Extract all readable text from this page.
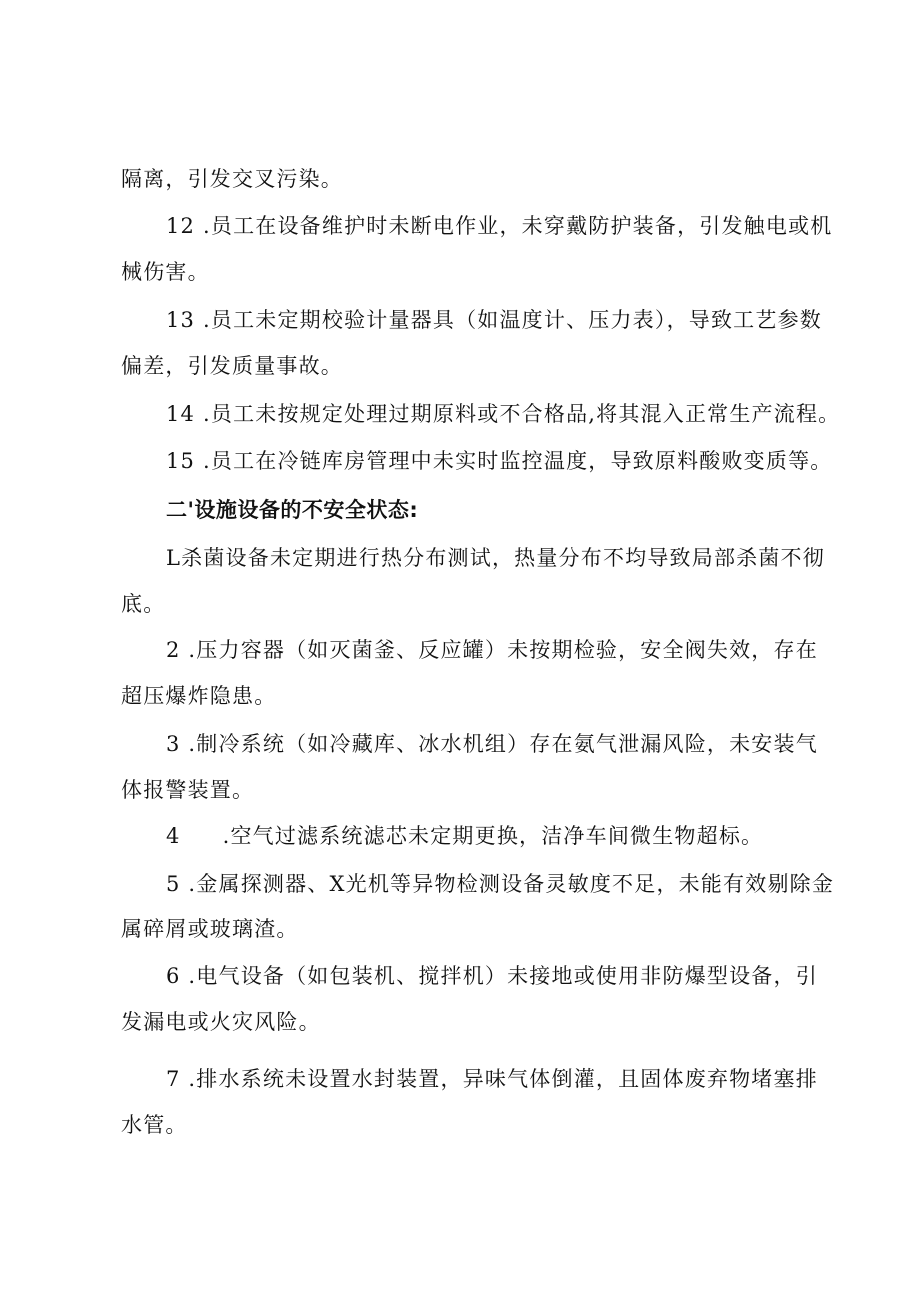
隔离，引发交叉污染。
12 .员工在设备维护时未断电作业，未穿戴防护装备，引发触电或机
械伤害。
13 .员工未定期校验计量器具（如温度计、压力表），导致工艺参数
偏差，引发质量事故。
14 .员工未按规定处理过期原料或不合格品,将其混入正常生产流程。
15 .员工在冷链库房管理中未实时监控温度，导致原料酸败变质等。
二'设施设备的不安全状态:
L杀菌设备未定期进行热分布测试，热量分布不均导致局部杀菌不彻
底。
2 .压力容器（如灭菌釜、反应罐）未按期检验，安全阀失效，存在
超压爆炸隐患。
3 .制冷系统（如冷藏库、冰水机组）存在氨气泄漏风险，未安装气
体报警装置。
4 .空气过滤系统滤芯未定期更换，洁净车间微生物超标。
5 .金属探测器、X光机等异物检测设备灵敏度不足，未能有效剔除金
属碎屑或玻璃渣。
6 .电气设备（如包装机、搅拌机）未接地或使用非防爆型设备，引
发漏电或火灾风险。
7 .排水系统未设置水封装置，异味气体倒灌，且固体废弃物堵塞排
水管。
